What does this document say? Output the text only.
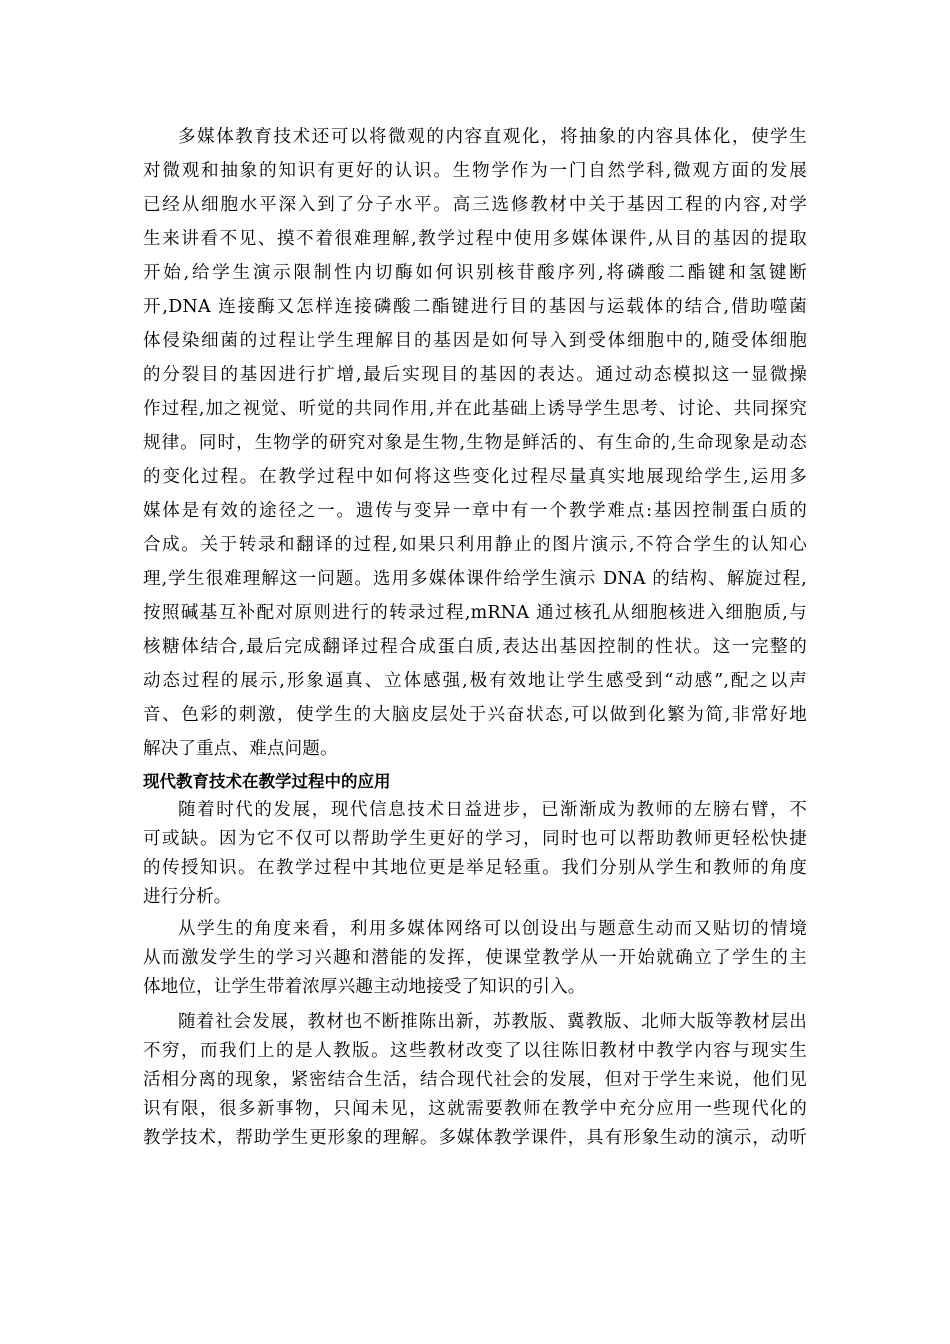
多媒体教育技术还可以将微观的内容直观化，将抽象的内容具体化，使学生
对微观和抽象的知识有更好的认识。生物学作为一门自然学科,微观方面的发展
已经从细胞水平深入到了分子水平。高三选修教材中关于基因工程的内容,对学
生来讲看不见、摸不着很难理解,教学过程中使用多媒体课件,从目的基因的提取
开始,给学生演示限制性内切酶如何识别核苷酸序列,将磷酸二酯键和氢键断
开,DNA 连接酶又怎样连接磷酸二酯键进行目的基因与运载体的结合,借助噬菌
体侵染细菌的过程让学生理解目的基因是如何导入到受体细胞中的,随受体细胞
的分裂目的基因进行扩增,最后实现目的基因的表达。通过动态模拟这一显微操
作过程,加之视觉、听觉的共同作用,并在此基础上诱导学生思考、讨论、共同探究
规律。同时，生物学的研究对象是生物,生物是鲜活的、有生命的,生命现象是动态
的变化过程。在教学过程中如何将这些变化过程尽量真实地展现给学生,运用多
媒体是有效的途径之一。遗传与变异一章中有一个教学难点:基因控制蛋白质的
合成。关于转录和翻译的过程,如果只利用静止的图片演示,不符合学生的认知心
理,学生很难理解这一问题。选用多媒体课件给学生演示 DNA 的结构、解旋过程,
按照碱基互补配对原则进行的转录过程,mRNA 通过核孔从细胞核进入细胞质,与
核糖体结合,最后完成翻译过程合成蛋白质,表达出基因控制的性状。这一完整的
动态过程的展示,形象逼真、立体感强,极有效地让学生感受到“动感”,配之以声
音、色彩的刺激，使学生的大脑皮层处于兴奋状态,可以做到化繁为简,非常好地
解决了重点、难点问题。
现代教育技术在教学过程中的应用
随着时代的发展，现代信息技术日益进步，已渐渐成为教师的左膀右臂，不
可或缺。因为它不仅可以帮助学生更好的学习，同时也可以帮助教师更轻松快捷
的传授知识。在教学过程中其地位更是举足轻重。我们分别从学生和教师的角度
进行分析。
从学生的角度来看，利用多媒体网络可以创设出与题意生动而又贴切的情境
从而激发学生的学习兴趣和潜能的发挥，使课堂教学从一开始就确立了学生的主
体地位，让学生带着浓厚兴趣主动地接受了知识的引入。
随着社会发展，教材也不断推陈出新，苏教版、冀教版、北师大版等教材层出
不穷，而我们上的是人教版。这些教材改变了以往陈旧教材中教学内容与现实生
活相分离的现象，紧密结合生活，结合现代社会的发展，但对于学生来说，他们见
识有限，很多新事物，只闻未见，这就需要教师在教学中充分应用一些现代化的
教学技术，帮助学生更形象的理解。多媒体教学课件，具有形象生动的演示，动听
